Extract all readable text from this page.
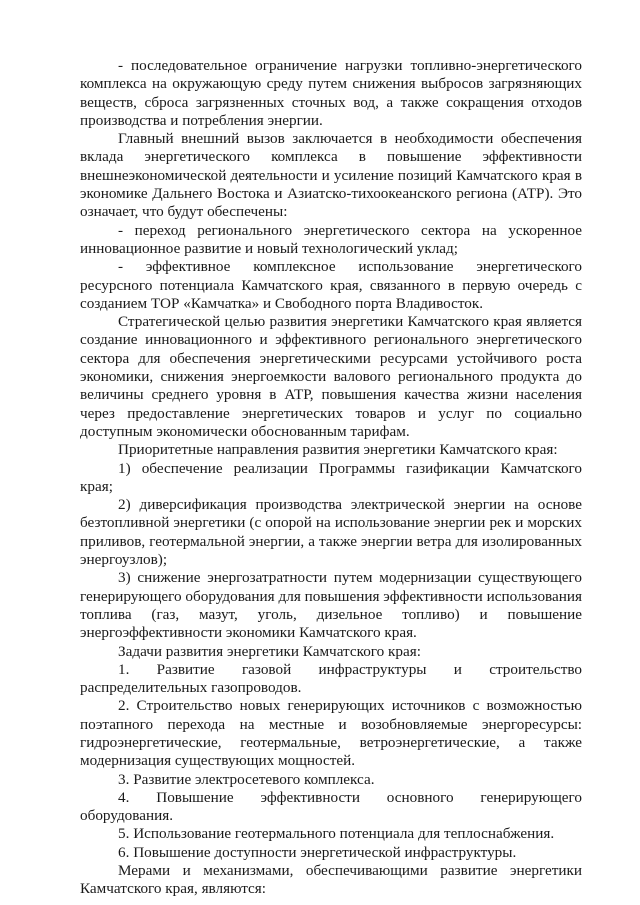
- последовательное ограничение нагрузки топливно-энергетического комплекса на окружающую среду путем снижения выбросов загрязняющих веществ, сброса загрязненных сточных вод, а также сокращения отходов производства и потребления энергии.

Главный внешний вызов заключается в необходимости обеспечения вклада энергетического комплекса в повышение эффективности внешнеэкономической деятельности и усиление позиций Камчатского края в экономике Дальнего Востока и Азиатско-тихоокеанского региона (АТР). Это означает, что будут обеспечены:

- переход регионального энергетического сектора на ускоренное инновационное развитие и новый технологический уклад;

- эффективное комплексное использование энергетического ресурсного потенциала Камчатского края, связанного в первую очередь с созданием ТОР «Камчатка» и Свободного порта Владивосток.

Стратегической целью развития энергетики Камчатского края является создание инновационного и эффективного регионального энергетического сектора для обеспечения энергетическими ресурсами устойчивого роста экономики, снижения энергоемкости валового регионального продукта до величины среднего уровня в АТР, повышения качества жизни населения через предоставление энергетических товаров и услуг по социально доступным экономически обоснованным тарифам.

Приоритетные направления развития энергетики Камчатского края:

1) обеспечение реализации Программы газификации Камчатского края;

2) диверсификация производства электрической энергии на основе безтопливной энергетики (с опорой на использование энергии рек и морских приливов, геотермальной энергии, а также энергии ветра для изолированных энергоузлов);

3) снижение энергозатратности путем модернизации существующего генерирующего оборудования для повышения эффективности использования топлива (газ, мазут, уголь, дизельное топливо) и повышение энергоэффективности экономики Камчатского края.

Задачи развития энергетики Камчатского края:

1. Развитие газовой инфраструктуры и строительство распределительных газопроводов.

2. Строительство новых генерирующих источников с возможностью поэтапного перехода на местные и возобновляемые энергоресурсы: гидроэнергетические, геотермальные, ветроэнергетические, а также модернизация существующих мощностей.

3. Развитие электросетевого комплекса.

4. Повышение эффективности основного генерирующего оборудования.

5. Использование геотермального потенциала для теплоснабжения.

6. Повышение доступности энергетической инфраструктуры.

Мерами и механизмами, обеспечивающими развитие энергетики Камчатского края, являются:
